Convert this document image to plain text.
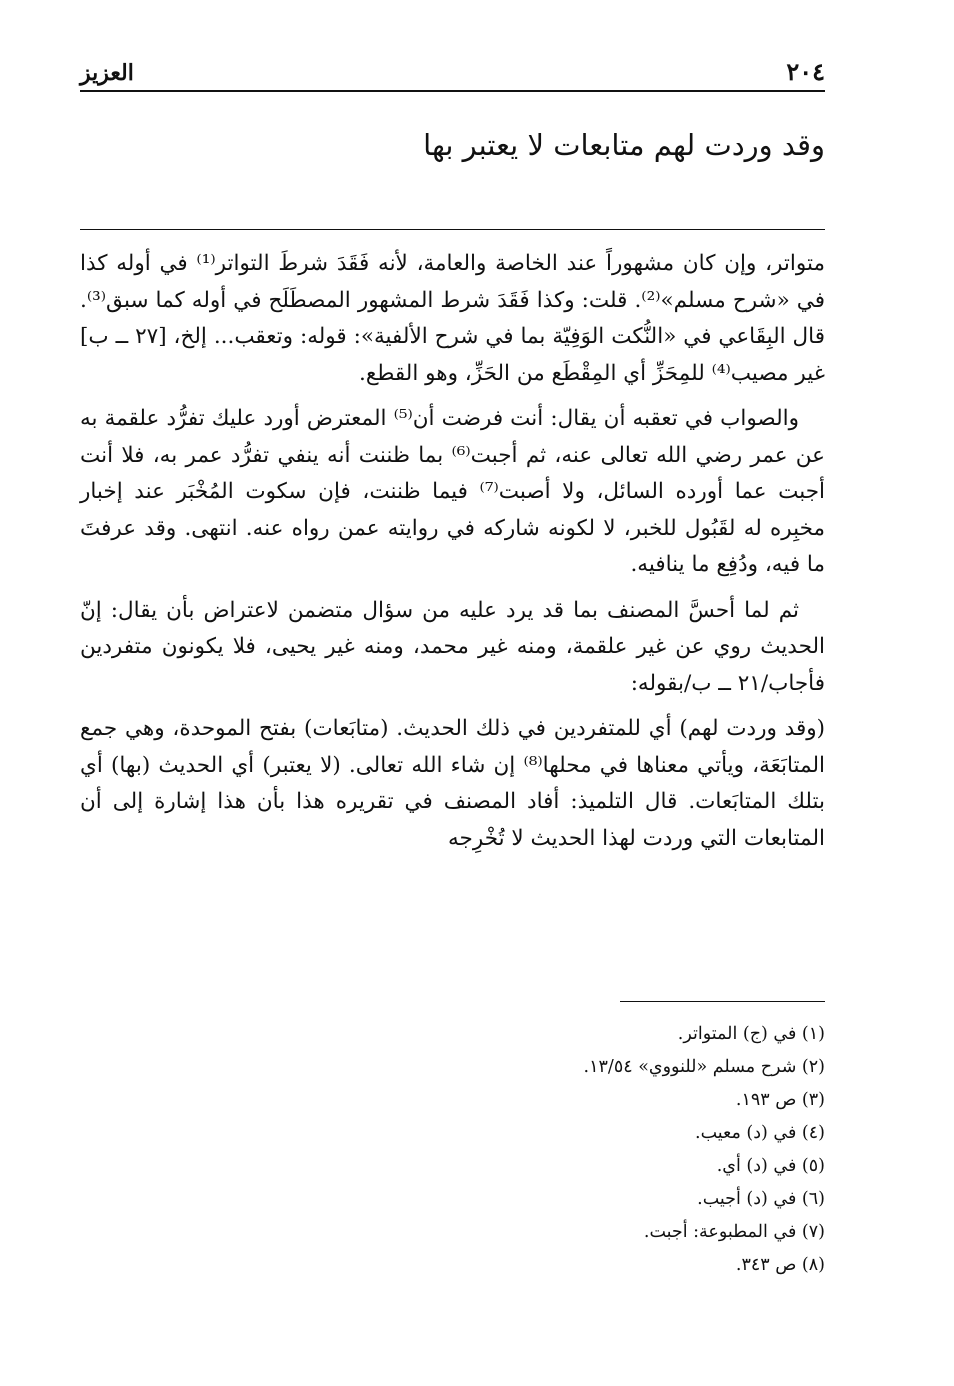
٢٠٤
العزيز
وقد وردت لهم متابعات لا يعتبر بها

متواتر، وإن كان مشهوراً عند الخاصة والعامة، لأنه فَقَدَ شرطَ التواتر⁽¹⁾ في أوله كذا في «شرح مسلم»⁽²⁾. قلت: وكذا فَقَدَ شرط المشهور المصطَلَح في أوله كما سبق⁽³⁾. قال البِقَاعي في «النُّكت الوَفِيّة بما في شرح الألفية»: قوله: وتعقب... إلخ، [٢٧ ــ ب] غير مصيب⁽⁴⁾ للمِحَزِّ أي المِقْطَع من الحَزِّ، وهو القطع.

والصواب في تعقبه أن يقال: أنت فرضت أن⁽⁵⁾ المعترض أورد عليك تفرُّد علقمة به عن عمر رضي الله تعالى عنه، ثم أجبت⁽⁶⁾ بما ظننت أنه ينفي تفرُّد عمر به، فلا أنت أجبت عما أورده السائل، ولا أصبت⁽⁷⁾ فيما ظننت، فإن سكوت المُخْبَر عند إخبار مخبِره له لقَبُول للخبر، لا لكونه شاركه في روايته عمن رواه عنه. انتهى. وقد عرفتَ ما فيه، ودُفِع ما ينافيه.

ثم لما أحسَّ المصنف بما قد يرد عليه من سؤال متضمن لاعتراض بأن يقال: إنّ الحديث روي عن غير علقمة، ومنه غير محمد، ومنه غير يحيى، فلا يكونون متفردين فأجاب/٢١ ــ ب/بقوله:

(وقد وردت لهم) أي للمتفردين في ذلك الحديث. (متابَعات) بفتح الموحدة، وهي جمع المتابَعَة، ويأتي معناها في محلها⁽⁸⁾ إن شاء الله تعالى. (لا يعتبر) أي الحديث (بها) أي بتلك المتابَعات. قال التلميذ: أفاد المصنف في تقريره هذا بأن هذا إشارة إلى أن المتابعات التي وردت لهذا الحديث لا تُخْرِجه

(١) في (ج) المتواتر.
(٢) شرح مسلم «للنووي» ١٣/٥٤.
(٣) ص ١٩٣.
(٤) في (د) معيب.
(٥) في (د) أي.
(٦) في (د) أجيب.
(٧) في المطبوعة: أجبت.
(٨) ص ٣٤٣.
